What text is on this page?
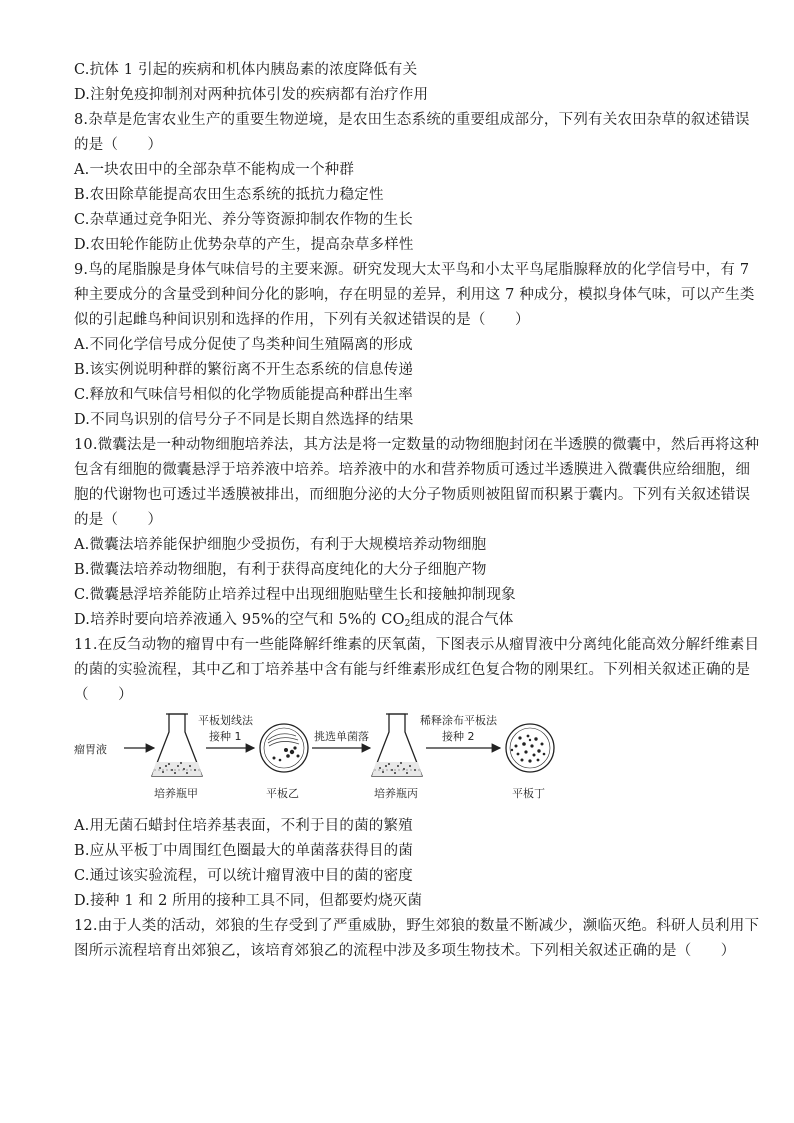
C.抗体 1 引起的疾病和机体内胰岛素的浓度降低有关
D.注射免疫抑制剂对两种抗体引发的疾病都有治疗作用
8.杂草是危害农业生产的重要生物逆境，是农田生态系统的重要组成部分，下列有关农田杂草的叙述错误
的是（　　）
A.一块农田中的全部杂草不能构成一个种群
B.农田除草能提高农田生态系统的抵抗力稳定性
C.杂草通过竞争阳光、养分等资源抑制农作物的生长
D.农田轮作能防止优势杂草的产生，提高杂草多样性
9.鸟的尾脂腺是身体气味信号的主要来源。研究发现大太平鸟和小太平鸟尾脂腺释放的化学信号中，有 7
种主要成分的含量受到种间分化的影响，存在明显的差异，利用这 7 种成分，模拟身体气味，可以产生类
似的引起雌鸟种间识别和选择的作用，下列有关叙述错误的是（　　）
A.不同化学信号成分促使了鸟类种间生殖隔离的形成
B.该实例说明种群的繁衍离不开生态系统的信息传递
C.释放和气味信号相似的化学物质能提高种群出生率
D.不同鸟识别的信号分子不同是长期自然选择的结果
10.微囊法是一种动物细胞培养法，其方法是将一定数量的动物细胞封闭在半透膜的微囊中，然后再将这种
包含有细胞的微囊悬浮于培养液中培养。培养液中的水和营养物质可透过半透膜进入微囊供应给细胞，细
胞的代谢物也可透过半透膜被排出，而细胞分泌的大分子物质则被阻留而积累于囊内。下列有关叙述错误
的是（　　）
A.微囊法培养能保护细胞少受损伤，有利于大规模培养动物细胞
B.微囊法培养动物细胞，有利于获得高度纯化的大分子细胞产物
C.微囊悬浮培养能防止培养过程中出现细胞贴壁生长和接触抑制现象
D.培养时要向培养液通入 95%的空气和 5%的 $CO_2$组成的混合气体
11.在反刍动物的瘤胃中有一些能降解纤维素的厌氧菌，下图表示从瘤胃液中分离纯化能高效分解纤维素目
的菌的实验流程，其中乙和丁培养基中含有能与纤维素形成红色复合物的刚果红。下列相关叙述正确的是
（　　）
瘤胃液
平板划线法
接种 1	挑选单菌落
稀释涂布平板法
接种 2
培养瓶甲	平板乙	培养瓶丙	平板丁
A.用无菌石蜡封住培养基表面，不利于目的菌的繁殖
B.应从平板丁中周围红色圈最大的单菌落获得目的菌
C.通过该实验流程，可以统计瘤胃液中目的菌的密度
D.接种 1 和 2 所用的接种工具不同，但都要灼烧灭菌
12.由于人类的活动，郊狼的生存受到了严重威胁，野生郊狼的数量不断减少，濒临灭绝。科研人员利用下
图所示流程培育出郊狼乙，该培育郊狼乙的流程中涉及多项生物技术。下列相关叙述正确的是（　　）
